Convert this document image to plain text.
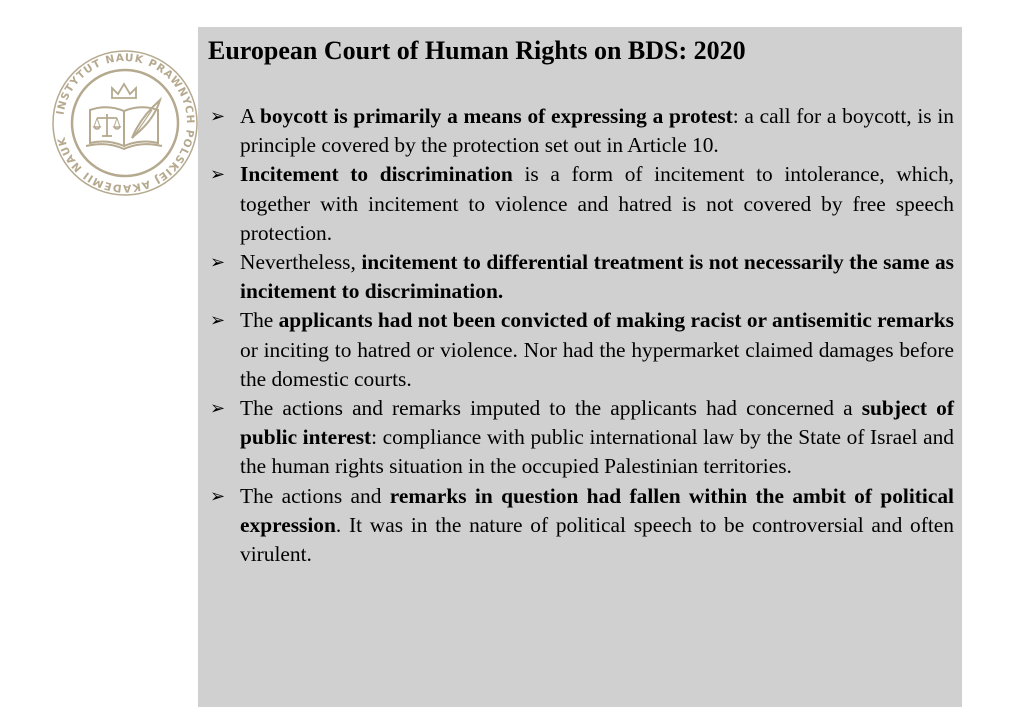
INSTYTUT NAUK PRAWNYCH POLSKIEJ AKADEMII NAUK
European Court of Human Rights on BDS: 2020
➢ A boycott is primarily a means of expressing a protest: a call for a boycott, is in principle covered by the protection set out in Article 10.
➢ Incitement to discrimination is a form of incitement to intolerance, which, together with incitement to violence and hatred is not covered by free speech protection.
➢ Nevertheless, incitement to differential treatment is not necessarily the same as incitement to discrimination.
➢ The applicants had not been convicted of making racist or antisemitic remarks or inciting to hatred or violence. Nor had the hypermarket claimed damages before the domestic courts.
➢ The actions and remarks imputed to the applicants had concerned a subject of public interest: compliance with public international law by the State of Israel and the human rights situation in the occupied Palestinian territories.
➢ The actions and remarks in question had fallen within the ambit of political expression. It was in the nature of political speech to be controversial and often virulent.
